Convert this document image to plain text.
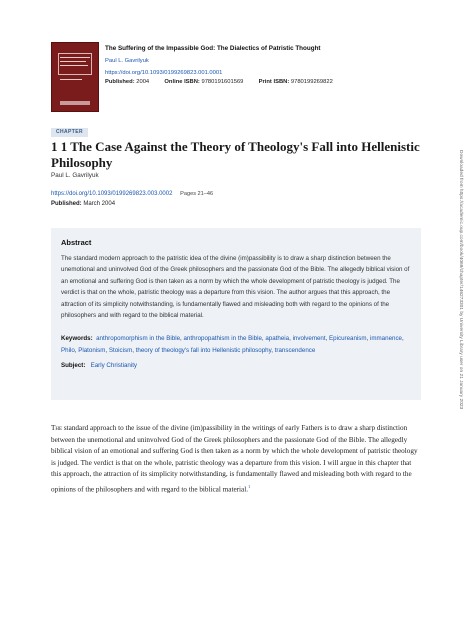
The Suffering of the Impassible God: The Dialectics of Patristic Thought
Paul L. Gavrilyuk
https://doi.org/10.1093/0199269823.001.0001
Published: 2004	Online ISBN: 9780191601569	Print ISBN: 9780199269822
Downloaded from https://academic.oup.com/book/4069/chapter/146273301 by University Library user on 21 January 2023
CHAPTER
1 1 The Case Against the Theory of Theology's Fall into Hellenistic Philosophy
Paul L. Gavrilyuk
https://doi.org/10.1093/0199269823.003.0002 Pages 21–46
Published: March 2004
Abstract
The standard modern approach to the patristic idea of the divine (im)passibility is to draw a sharp distinction between the unemotional and uninvolved God of the Greek philosophers and the passionate God of the Bible. The allegedly biblical vision of an emotional and suffering God is then taken as a norm by which the whole development of patristic theology is judged. The verdict is that on the whole, patristic theology was a departure from this vision. The author argues that this approach, the attraction of its simplicity notwithstanding, is fundamentally flawed and misleading both with regard to the opinions of the philosophers and with regard to the biblical material.
Keywords: anthropomorphism in the Bible, anthropopathism in the Bible, apatheia, involvement, Epicureanism, immanence, Philo, Platonism, Stoicism, theory of theology's fall into Hellenistic philosophy, transcendence
Subject: Early Christianity
The standard approach to the issue of the divine (im)passibility in the writings of early Fathers is to draw a sharp distinction between the unemotional and uninvolved God of the Greek philosophers and the passionate God of the Bible. The allegedly biblical vision of an emotional and suffering God is then taken as a norm by which the whole development of patristic theology is judged. The verdict is that on the whole, patristic theology was a departure from this vision. I will argue in this chapter that this approach, the attraction of its simplicity notwithstanding, is fundamentally flawed and misleading both with regard to the opinions of the philosophers and with regard to the biblical material.$^1$
